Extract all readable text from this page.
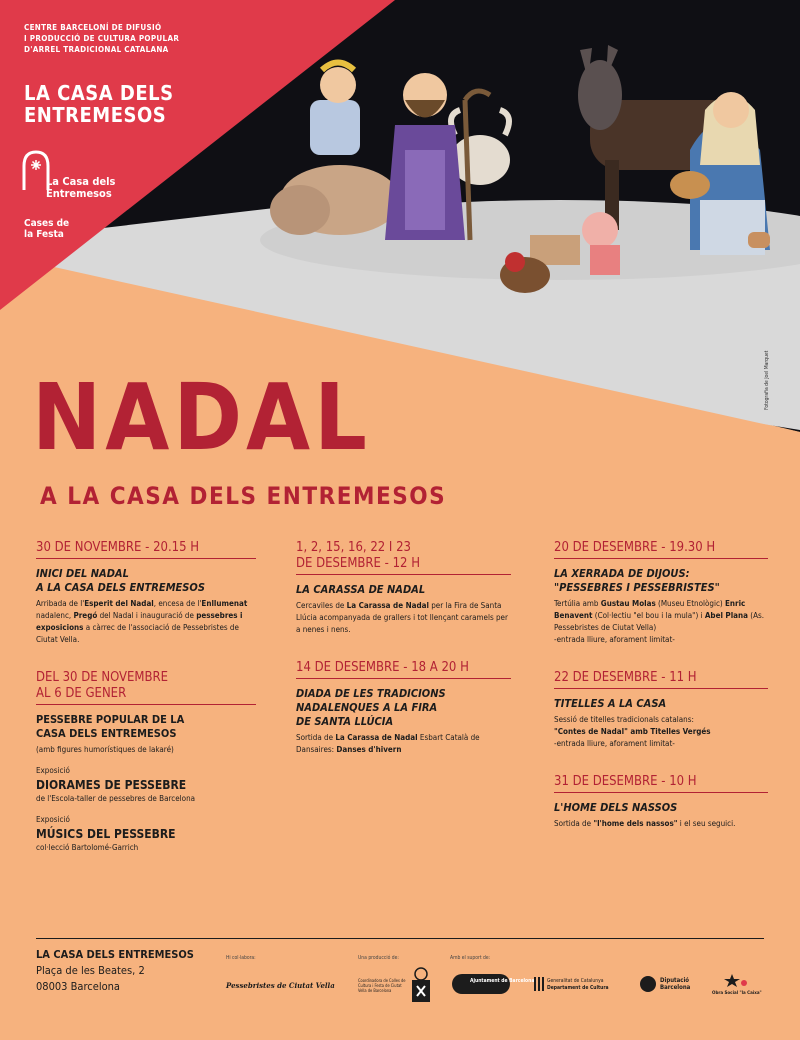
CENTRE BARCELONÍ DE DIFUSIÓ
I PRODUCCIÓ DE CULTURA POPULAR
D'ARREL TRADICIONAL CATALANA
LA CASA DELS
ENTREMESOS
La Casa dels
Entremesos
Cases de
la Festa
Fotografia de Joel Marquet
NADAL
A LA CASA DELS ENTREMESOS
30 DE NOVEMBRE - 20.15 H
INICI DEL NADAL
A LA CASA DELS ENTREMESOS
Arribada de l'Esperit del Nadal, encesa de l'Enllumenat nadalenc, Pregó del Nadal i inauguració de pessebres i exposicions a càrrec de l'associació de Pessebristes de Ciutat Vella.
DEL 30 DE NOVEMBRE
AL 6 DE GENER
PESSEBRE POPULAR DE LA
CASA DELS ENTREMESOS
(amb figures humorístiques de lakaré)
Exposició
DIORAMES DE PESSEBRE
de l'Escola-taller de pessebres de Barcelona
Exposició
MÚSICS DEL PESSEBRE
col·lecció Bartolomé-Garrich
1, 2, 15, 16, 22 I 23
DE DESEMBRE - 12 H
LA CARASSA DE NADAL
Cercaviles de La Carassa de Nadal per la Fira de Santa Llúcia acompanyada de grallers i tot llençant caramels per a nenes i nens.
14 DE DESEMBRE - 18 A 20 H
DIADA DE LES TRADICIONS
NADALENQUES A LA FIRA
DE SANTA LLÚCIA
Sortida de La Carassa de Nadal Esbart Català de Dansaires: Danses d'hivern
20 DE DESEMBRE - 19.30 H
LA XERRADA DE DIJOUS:
"PESSEBRES I PESSEBRISTES"
Tertúlia amb Gustau Molas (Museu Etnològic) Enric Benavent (Col·lectiu "el bou i la mula") i Abel Plana (As. Pessebristes de Ciutat Vella)
-entrada lliure, aforament limitat-
22 DE DESEMBRE - 11 H
TITELLES A LA CASA
Sessió de titelles tradicionals catalans:
"Contes de Nadal" amb Titelles Vergés
-entrada lliure, aforament limitat-
31 DE DESEMBRE - 10 H
L'HOME DELS NASSOS
Sortida de "l'home dels nassos" i el seu seguici.
LA CASA DELS ENTREMESOS
Plaça de les Beates, 2
08003 Barcelona
Hi col·labora:	Una producció de:	Amb el suport de:
Pessebristes de Ciutat Vella
Coordinadora de Colles de Cultura i Festa de Ciutat Vella de Barcelona
Ajuntament de Barcelona	Generalitat de Catalunya
Departament de Cultura
Diputació
Barcelona
Obra Social "la Caixa"
